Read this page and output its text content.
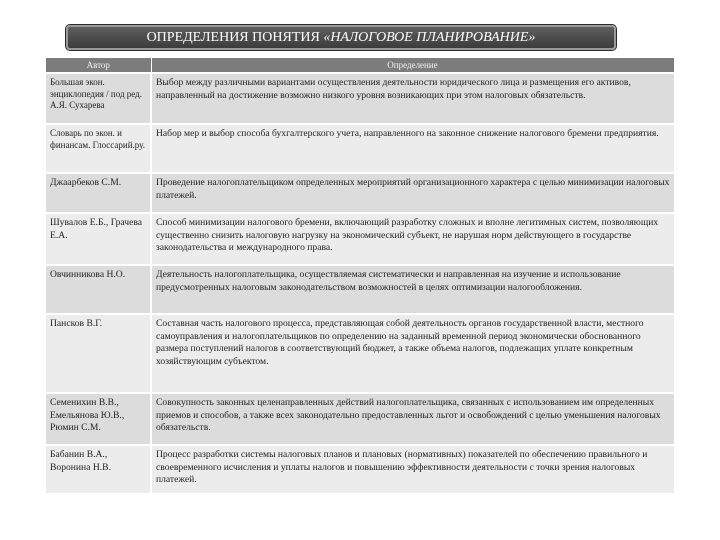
ОПРЕДЕЛЕНИЯ ПОНЯТИЯ «НАЛОГОВОЕ ПЛАНИРОВАНИЕ»
Автор	Определение
Большая экон. энциклопедия / под ред. А.Я. Сухарева	Выбор между различными вариантами осуществления деятельности юридического лица и размещения его активов, направленный на достижение возможно низкого уровня возникающих при этом налоговых обязательств.
Словарь по экон. и финансам. Глоссарий.ру.	Набор мер и выбор способа бухгалтерского учета, направленного на законное снижение налогового бремени предприятия.
Джаарбеков С.М.	Проведение налогоплательщиком определенных мероприятий организационного характера с целью минимизации налоговых платежей.
Шувалов Е.Б., Грачева Е.А.	Способ минимизации налогового бремени, включающий разработку сложных и вполне легитимных систем, позволяющих существенно снизить налоговую нагрузку на экономический субъект, не нарушая норм действующего в государстве законодательства и международного права.
Овчинникова Н.О.	Деятельность налогоплательщика, осуществляемая систематически и направленная на изучение и использование предусмотренных налоговым законодательством возможностей в целях оптимизации налогообложения.
Пансков В.Г.	Составная часть налогового процесса, представляющая собой деятельность органов государственной власти, местного самоуправления и налогоплательщиков по определению на заданный временной период экономически обоснованного размера поступлений налогов в соответствующий бюджет, а также объема налогов, подлежащих уплате конкретным хозяйствующим субъектом.
Семенихин В.В., Емельянова Ю.В., Рюмин С.М.	Совокупность законных целенаправленных действий налогоплательщика, связанных с использованием им определенных приемов и способов, а также всех законодательно предоставленных льгот и освобождений с целью уменьшения налоговых обязательств.
Бабанин В.А., Воронина Н.В.	Процесс разработки системы налоговых планов и плановых (нормативных) показателей по обеспечению правильного и своевременного исчисления и уплаты налогов и повышению эффективности деятельности с точки зрения налоговых платежей.
